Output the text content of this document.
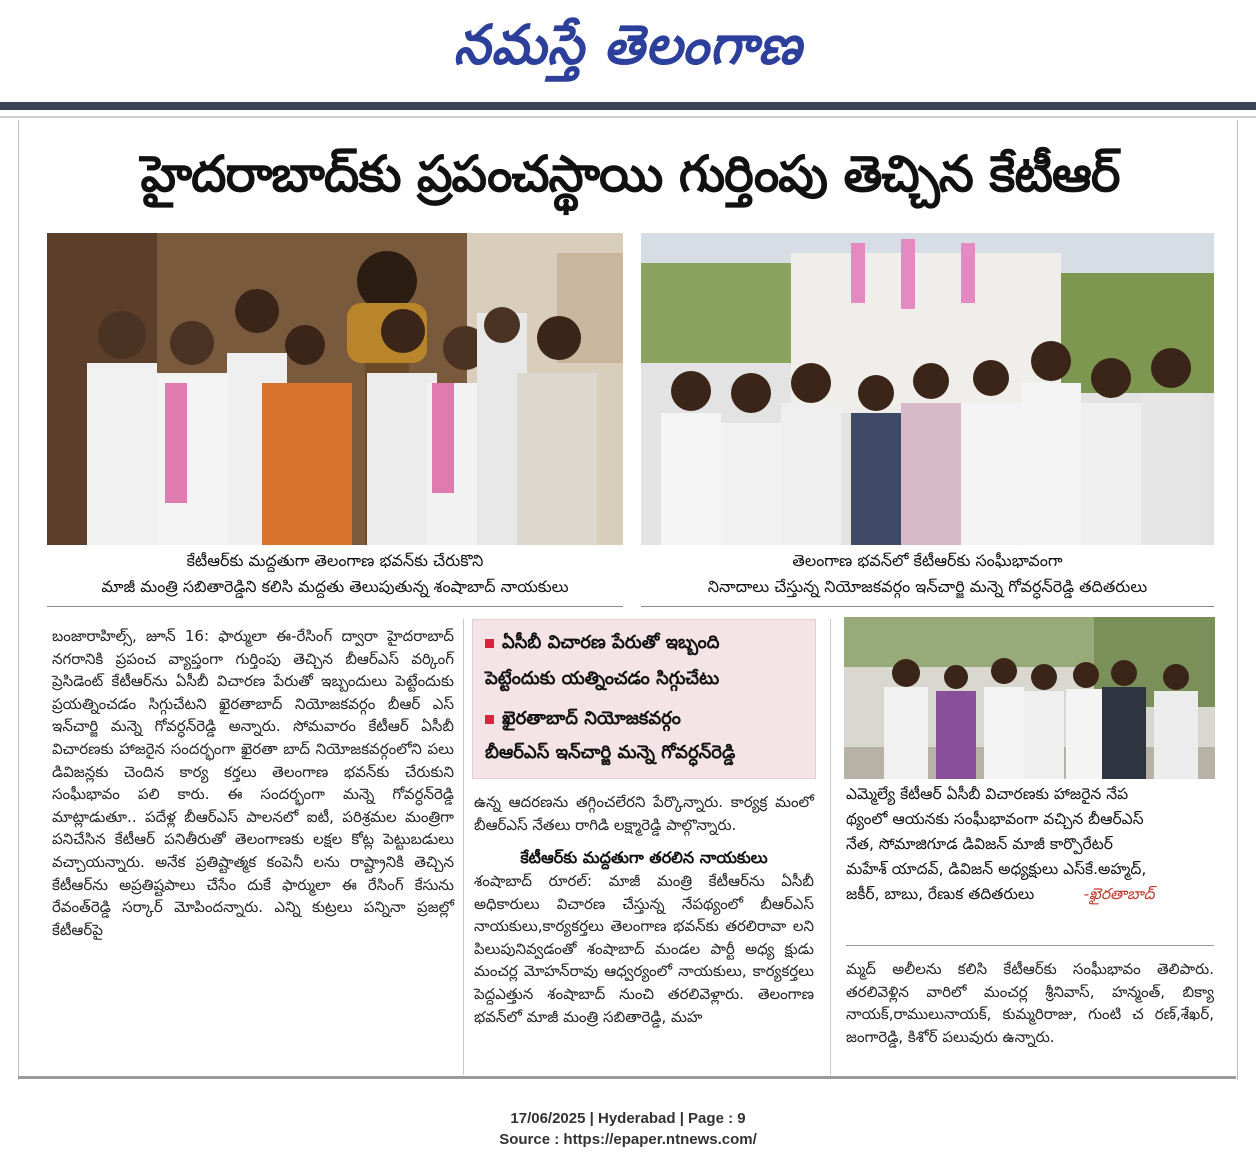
నమస్తే తెలంగాణ
హైదరాబాద్‌కు ప్రపంచస్థాయి గుర్తింపు తెచ్చిన కేటీఆర్
కేటీఆర్‌కు మద్దతుగా తెలంగాణ భవన్‌కు చేరుకొని
మాజీ మంత్రి సబితారెడ్డిని కలిసి మద్దతు తెలుపుతున్న శంషాబాద్ నాయకులు
తెలంగాణ భవన్‌లో కేటీఆర్‌కు సంఘీభావంగా
నినాదాలు చేస్తున్న నియోజకవర్గం ఇన్‌చార్జి మన్నె గోవర్ధన్‌రెడ్డి తదితరులు

బంజారాహిల్స్, జూన్ 16: ఫార్ములా ఈ-రేసింగ్ ద్వారా హైదరాబాద్ నగరానికి ప్రపంచ వ్యాప్తంగా గుర్తింపు తెచ్చిన బీఆర్‌ఎస్ వర్కింగ్ ప్రెసిడెంట్ కేటీఆర్‌ను ఏసీబీ విచారణ పేరుతో ఇబ్బందులు పెట్టేందుకు ప్రయత్నించడం సిగ్గుచేటని ఖైరతాబాద్ నియోజకవర్గం బీఆర్ ఎస్ ఇన్‌చార్జి మన్నె గోవర్ధన్‌రెడ్డి అన్నారు. సోమవారం కేటీఆర్ ఏసీబీ విచారణకు హాజరైన సందర్భంగా ఖైరతా బాద్ నియోజకవర్గంలోని పలు డివిజన్లకు చెందిన కార్య కర్తలు తెలంగాణ భవన్‌కు చేరుకుని సంఘీభావం పలి కారు. ఈ సందర్భంగా మన్నె గోవర్ధన్‌రెడ్డి మాట్లాడుతూ.. పదేళ్ల బీఆర్‌ఎస్ పాలనలో ఐటీ, పరిశ్రమల మంత్రిగా పనిచేసిన కేటీఆర్ పనితీరుతో తెలంగాణకు లక్షల కోట్ల పెట్టుబడులు వచ్చాయన్నారు. అనేక ప్రతిష్టాత్మక కంపెనీ లను రాష్ట్రానికి తెచ్చిన కేటీఆర్‌ను అప్రతిష్టపాలు చేసేం దుకే ఫార్ములా ఈ రేసింగ్ కేసును రేవంత్‌రెడ్డి సర్కార్ మోపిందన్నారు. ఎన్ని కుట్రలు పన్నినా ప్రజల్లో కేటీఆర్‌పై

ఏసీబీ విచారణ పేరుతో ఇబ్బంది
పెట్టేందుకు యత్నించడం సిగ్గుచేటు
ఖైరతాబాద్ నియోజకవర్గం
బీఆర్‌ఎస్ ఇన్‌చార్జి మన్నె గోవర్ధన్‌రెడ్డి

ఉన్న ఆదరణను తగ్గించలేరని పేర్కొన్నారు. కార్యక్ర మంలో బీఆర్‌ఎస్ నేతలు రాగిడి లక్ష్మారెడ్డి పాల్గొన్నారు.

కేటీఆర్‌కు మద్దతుగా తరలిన నాయకులు

శంషాబాద్ రూరల్: మాజీ మంత్రి కేటీఆర్‌ను ఏసీబీ అధికారులు విచారణ చేస్తున్న నేపథ్యంలో బీఆర్‌ఎస్ నాయకులు,కార్యకర్తలు తెలంగాణ భవన్‌కు తరలిరావా లని పిలుపునివ్వడంతో శంషాబాద్ మండల పార్టీ అధ్య క్షుడు మంచర్ల మోహన్‌రావు ఆధ్వర్యంలో నాయకులు, కార్యకర్తలు పెద్దఎత్తున శంషాబాద్ నుంచి తరలివెళ్లారు. తెలంగాణ భవన్‌లో మాజీ మంత్రి సబితారెడ్డి, మహ

ఎమ్మెల్యే కేటీఆర్ ఏసీబీ విచారణకు హాజరైన నేప
థ్యంలో ఆయనకు సంఘీభావంగా వచ్చిన బీఆర్‌ఎస్
నేత, సోమాజిగూడ డివిజన్ మాజీ కార్పొరేటర్
మహేశ్ యాదవ్, డివిజన్ అధ్యక్షులు ఎస్‌కే.అహ్మద్,
జకీర్, బాబు, రేణుక తదితరులు	-ఖైరతాబాద్

మ్మద్ అలీలను కలిసి కేటీఆర్‌కు సంఘీభావం తెలిపారు. తరలివెళ్లిన వారిలో మంచర్ల శ్రీనివాస్, హన్మంత్, బిక్యా నాయక్,రాములునాయక్, కుమ్మరిరాజు, గుంటి చ రణ్,శేఖర్, జంగారెడ్డి, కిశోర్ పలువురు ఉన్నారు.

17/06/2025 | Hyderabad | Page : 9
Source : https://epaper.ntnews.com/
